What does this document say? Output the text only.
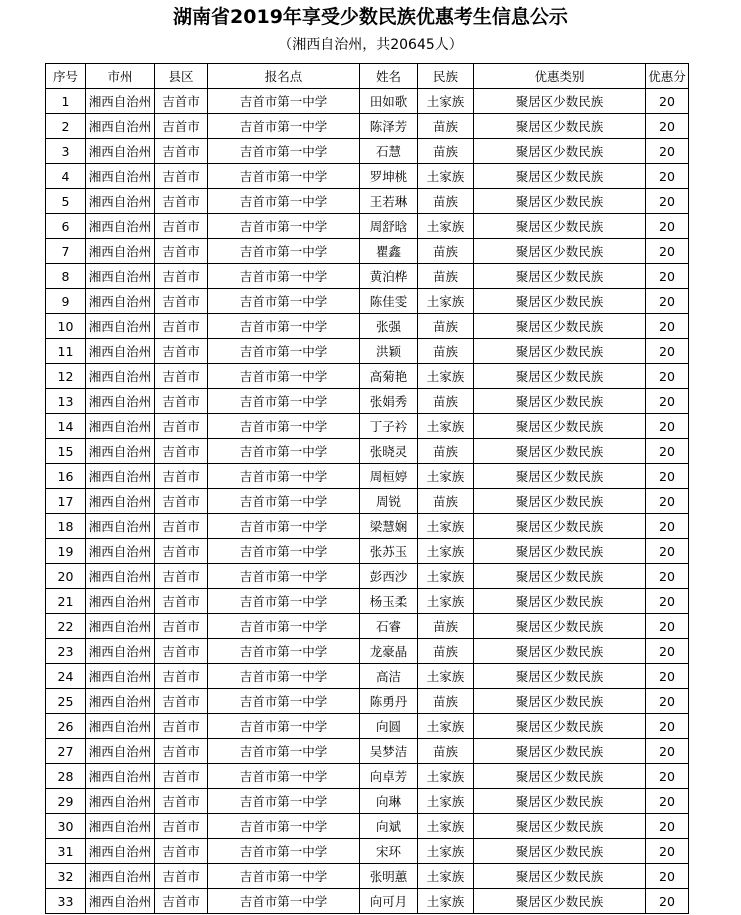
湖南省2019年享受少数民族优惠考生信息公示
（湘西自治州，共20645人）
序号	市州	县区	报名点	姓名	民族	优惠类别	优惠分
1	湘西自治州	吉首市	吉首市第一中学	田如歌	土家族	聚居区少数民族	20
2	湘西自治州	吉首市	吉首市第一中学	陈泽芳	苗族	聚居区少数民族	20
3	湘西自治州	吉首市	吉首市第一中学	石慧	苗族	聚居区少数民族	20
4	湘西自治州	吉首市	吉首市第一中学	罗坤桃	土家族	聚居区少数民族	20
5	湘西自治州	吉首市	吉首市第一中学	王若琳	苗族	聚居区少数民族	20
6	湘西自治州	吉首市	吉首市第一中学	周舒晗	土家族	聚居区少数民族	20
7	湘西自治州	吉首市	吉首市第一中学	瞿鑫	苗族	聚居区少数民族	20
8	湘西自治州	吉首市	吉首市第一中学	黄泊桦	苗族	聚居区少数民族	20
9	湘西自治州	吉首市	吉首市第一中学	陈佳雯	土家族	聚居区少数民族	20
10	湘西自治州	吉首市	吉首市第一中学	张强	苗族	聚居区少数民族	20
11	湘西自治州	吉首市	吉首市第一中学	洪颖	苗族	聚居区少数民族	20
12	湘西自治州	吉首市	吉首市第一中学	高菊艳	土家族	聚居区少数民族	20
13	湘西自治州	吉首市	吉首市第一中学	张娟秀	苗族	聚居区少数民族	20
14	湘西自治州	吉首市	吉首市第一中学	丁子衿	土家族	聚居区少数民族	20
15	湘西自治州	吉首市	吉首市第一中学	张晓灵	苗族	聚居区少数民族	20
16	湘西自治州	吉首市	吉首市第一中学	周桓婷	土家族	聚居区少数民族	20
17	湘西自治州	吉首市	吉首市第一中学	周锐	苗族	聚居区少数民族	20
18	湘西自治州	吉首市	吉首市第一中学	梁慧娴	土家族	聚居区少数民族	20
19	湘西自治州	吉首市	吉首市第一中学	张苏玉	土家族	聚居区少数民族	20
20	湘西自治州	吉首市	吉首市第一中学	彭西沙	土家族	聚居区少数民族	20
21	湘西自治州	吉首市	吉首市第一中学	杨玉柔	土家族	聚居区少数民族	20
22	湘西自治州	吉首市	吉首市第一中学	石睿	苗族	聚居区少数民族	20
23	湘西自治州	吉首市	吉首市第一中学	龙豪晶	苗族	聚居区少数民族	20
24	湘西自治州	吉首市	吉首市第一中学	高洁	土家族	聚居区少数民族	20
25	湘西自治州	吉首市	吉首市第一中学	陈勇丹	苗族	聚居区少数民族	20
26	湘西自治州	吉首市	吉首市第一中学	向圆	土家族	聚居区少数民族	20
27	湘西自治州	吉首市	吉首市第一中学	吴梦洁	苗族	聚居区少数民族	20
28	湘西自治州	吉首市	吉首市第一中学	向卓芳	土家族	聚居区少数民族	20
29	湘西自治州	吉首市	吉首市第一中学	向琳	土家族	聚居区少数民族	20
30	湘西自治州	吉首市	吉首市第一中学	向斌	土家族	聚居区少数民族	20
31	湘西自治州	吉首市	吉首市第一中学	宋环	土家族	聚居区少数民族	20
32	湘西自治州	吉首市	吉首市第一中学	张明蕙	土家族	聚居区少数民族	20
33	湘西自治州	吉首市	吉首市第一中学	向可月	土家族	聚居区少数民族	20
